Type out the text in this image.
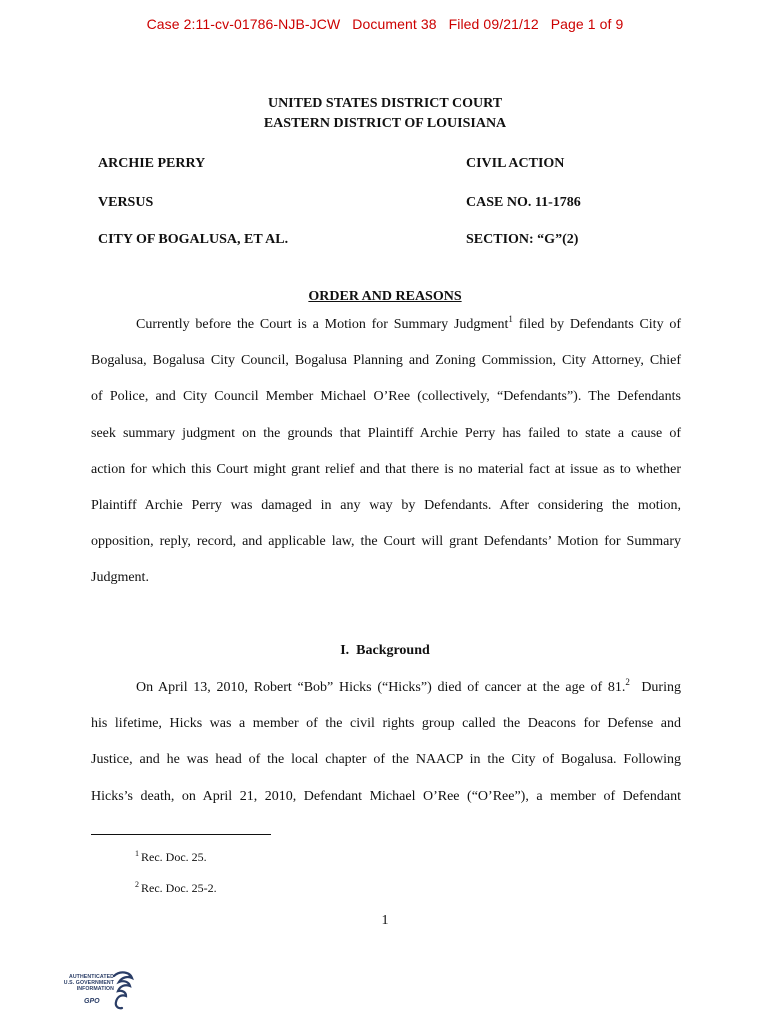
Case 2:11-cv-01786-NJB-JCW   Document 38   Filed 09/21/12   Page 1 of 9
UNITED STATES DISTRICT COURT
EASTERN DISTRICT OF LOUISIANA
ARCHIE PERRY	CIVIL ACTION
VERSUS	CASE NO. 11-1786
CITY OF BOGALUSA, ET AL.	SECTION: “G”(2)
ORDER AND REASONS

Currently before the Court is a Motion for Summary Judgment$^1$ filed by Defendants City of
Bogalusa, Bogalusa City Council, Bogalusa Planning and Zoning Commission, City Attorney, Chief
of Police, and City Council Member Michael O’Ree (collectively, “Defendants”). The Defendants
seek summary judgment on the grounds that Plaintiff Archie Perry has failed to state a cause of
action for which this Court might grant relief and that there is no material fact at issue as to whether
Plaintiff Archie Perry was damaged in any way by Defendants. After considering the motion,
opposition, reply, record, and applicable law, the Court will grant Defendants’ Motion for Summary
Judgment.

I.  Background

On April 13, 2010, Robert “Bob” Hicks (“Hicks”) died of cancer at the age of 81.$^2$  During
his lifetime, Hicks was a member of the civil rights group called the Deacons for Defense and
Justice, and he was head of the local chapter of the NAACP in the City of Bogalusa. Following
Hicks’s death, on April 21, 2010, Defendant Michael O’Ree (“O’Ree”), a member of Defendant

$^1$ Rec. Doc. 25.
$^2$ Rec. Doc. 25-2.
1
AUTHENTICATED
U.S. GOVERNMENT
INFORMATION
GPO
